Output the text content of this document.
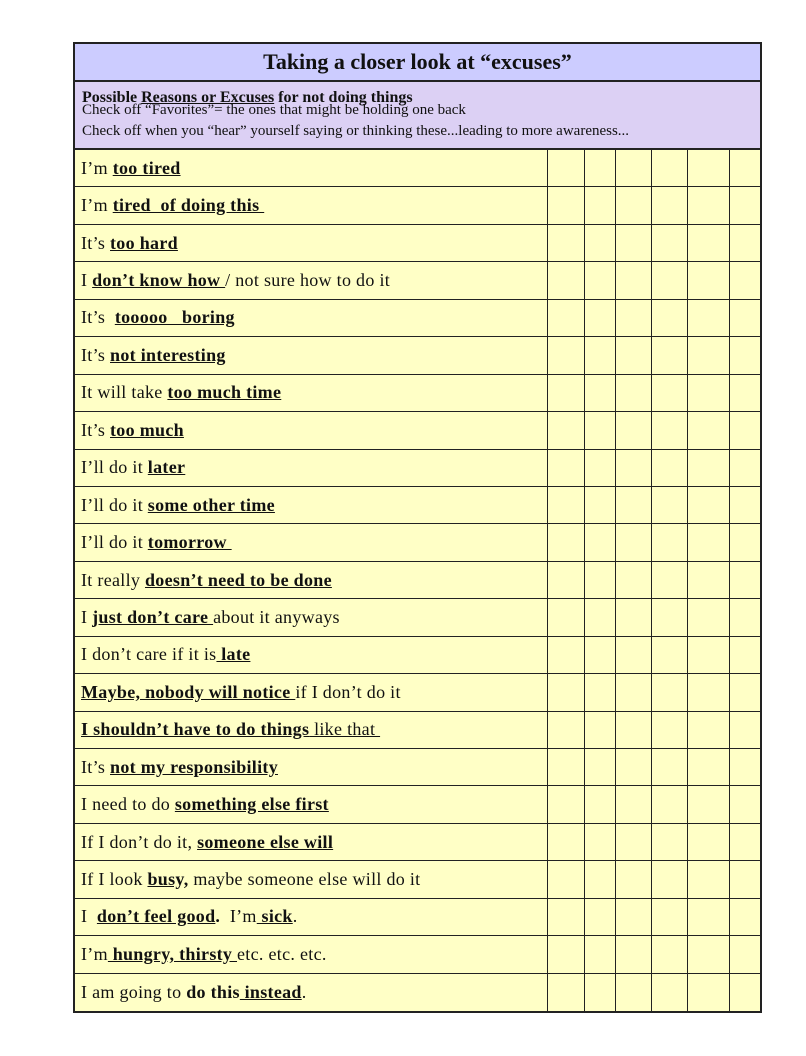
Taking a closer look at “excuses”
Possible Reasons or Excuses for not doing things
Check off “Favorites”= the ones that might be holding one back
Check off when you “hear” yourself saying or thinking these...leading to more awareness...
I’m too tired
I’m tired  of doing this
It’s too hard
I don’t know how / not sure how to do it
It’s tooooo   boring
It’s not interesting
It will take too much time
It’s too much
I’ll do it later
I’ll do it some other time
I’ll do it tomorrow
It really doesn’t need to be done
I just don’t care about it anyways
I don’t care if it is late
Maybe, nobody will notice if I don’t do it
I shouldn’t have to do things like that
It’s not my responsibility
I need to do something else first
If I don’t do it, someone else will
If I look busy, maybe someone else will do it
I don’t feel good . I’m sick .
I’m hungry, thirsty etc. etc. etc.
I am going to do this instead .
